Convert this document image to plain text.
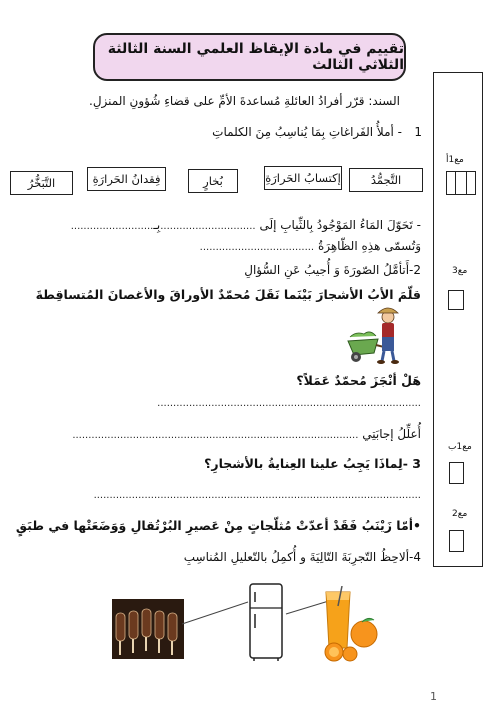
تقييم في مادة الإيقاظ العلمي السنة الثالثة الثلاثي الثالث
مع1أ
مع3
مع1ب
مع2
السند: قرّر أفرادُ العائلةِ مُساعدةَ الأمِّ على قضاءِ شُؤونِ المنزلِ.
1
- أملأُ الفَراغاتِ بِمَا يُناسِبُ مِنَ الكلماتِ
التَّجمُّدُ
إكتسابُ الحَرارَةِ
بُخارٍ
فِقدانُ الحَرارَةِ
التَّبَخُّرُ
- تَحَوّلَ المَاءُ المَوْجُودُ بِالثِّيابِ إلَى ..............................بِـ..........................
وَتُسمّى هذِهِ الظّاهِرَةُ ....................................
2-أَتأمَّلُ الصّورَةَ وَ أُجيبُ عَنِ السُّؤالِ
قلّمَ الأبُ الأشجارَ بَيْنَما نَقَلَ مُحمّدٌ الأوراقَ والأغصانَ المُتساقِطةَ
هَلْ أنْجَزَ مُحمّدٌ عَمَلاً؟
...................................................................................
أُعلِّلُ إجابَتِي ..........................................................................................
3 -لِماذَا يَجِبُ علينا العِنايةُ بالأشجارِ؟
.......................................................................................................
•أمّا زَيْنَبُ فَقَدْ أعدّتْ مُثلّجاتٍ مِنْ عَصيرِ البُرْتُقالِ وَوَضَعَتْها في طبَقٍ
4-ألاحِظُ التّجرِبَةَ التّالِيَةَ و أُكمِلُ بالتّعليلِ المُناسِبِ
1
